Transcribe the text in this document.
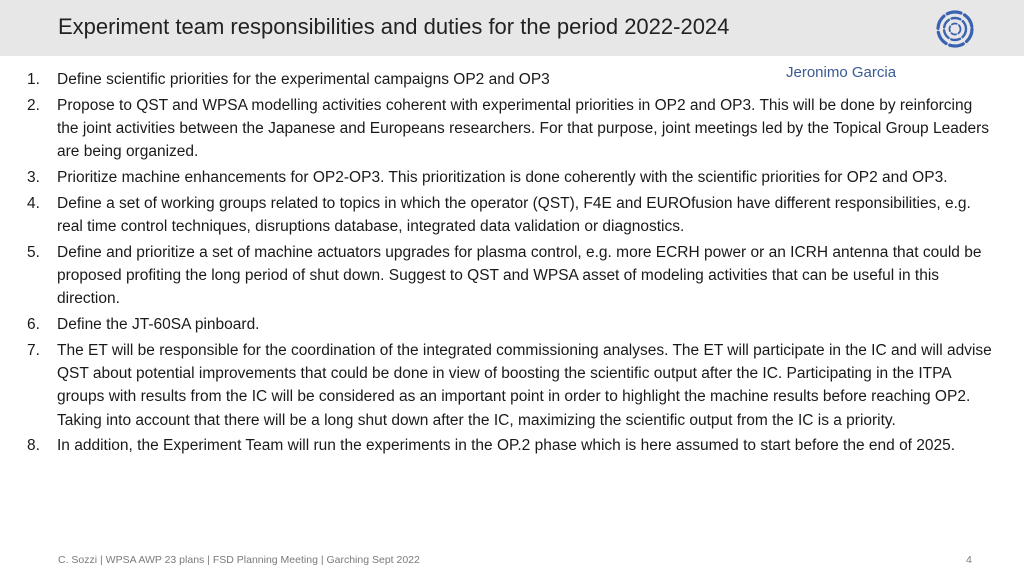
Experiment team responsibilities and duties for the period 2022-2024
Jeronimo Garcia
1.	Define scientific priorities for the experimental campaigns OP2 and OP3
2.	Propose to QST and WPSA modelling activities coherent with experimental priorities in OP2 and OP3. This will be done by reinforcing the joint activities between the Japanese and Europeans researchers. For that purpose, joint meetings led by the Topical Group Leaders are being organized.
3.	Prioritize machine enhancements for OP2-OP3. This prioritization is done coherently with the scientific priorities for OP2 and OP3.
4.	Define a set of working groups related to topics in which the operator (QST), F4E and EUROfusion have different responsibilities, e.g. real time control techniques, disruptions database, integrated data validation or diagnostics.
5.	Define and prioritize a set of machine actuators upgrades for plasma control, e.g. more ECRH power or an ICRH antenna that could be proposed profiting the long period of shut down. Suggest to QST and WPSA asset of modeling activities that can be useful in this direction.
6.	Define the JT-60SA pinboard.
7.	The ET will be responsible for the coordination of the integrated commissioning analyses. The ET will participate in the IC and will advise QST about potential improvements that could be done in view of boosting the scientific output after the IC. Participating in the ITPA groups with results from the IC will be considered as an important point in order to highlight the machine results before reaching OP2. Taking into account that there will be a long shut down after the IC, maximizing the scientific output from the IC is a priority.
8.	In addition, the Experiment Team will run the experiments in the OP.2 phase which is here assumed to start before the end of 2025.
C. Sozzi | WPSA AWP 23 plans | FSD Planning Meeting | Garching Sept 2022	4
